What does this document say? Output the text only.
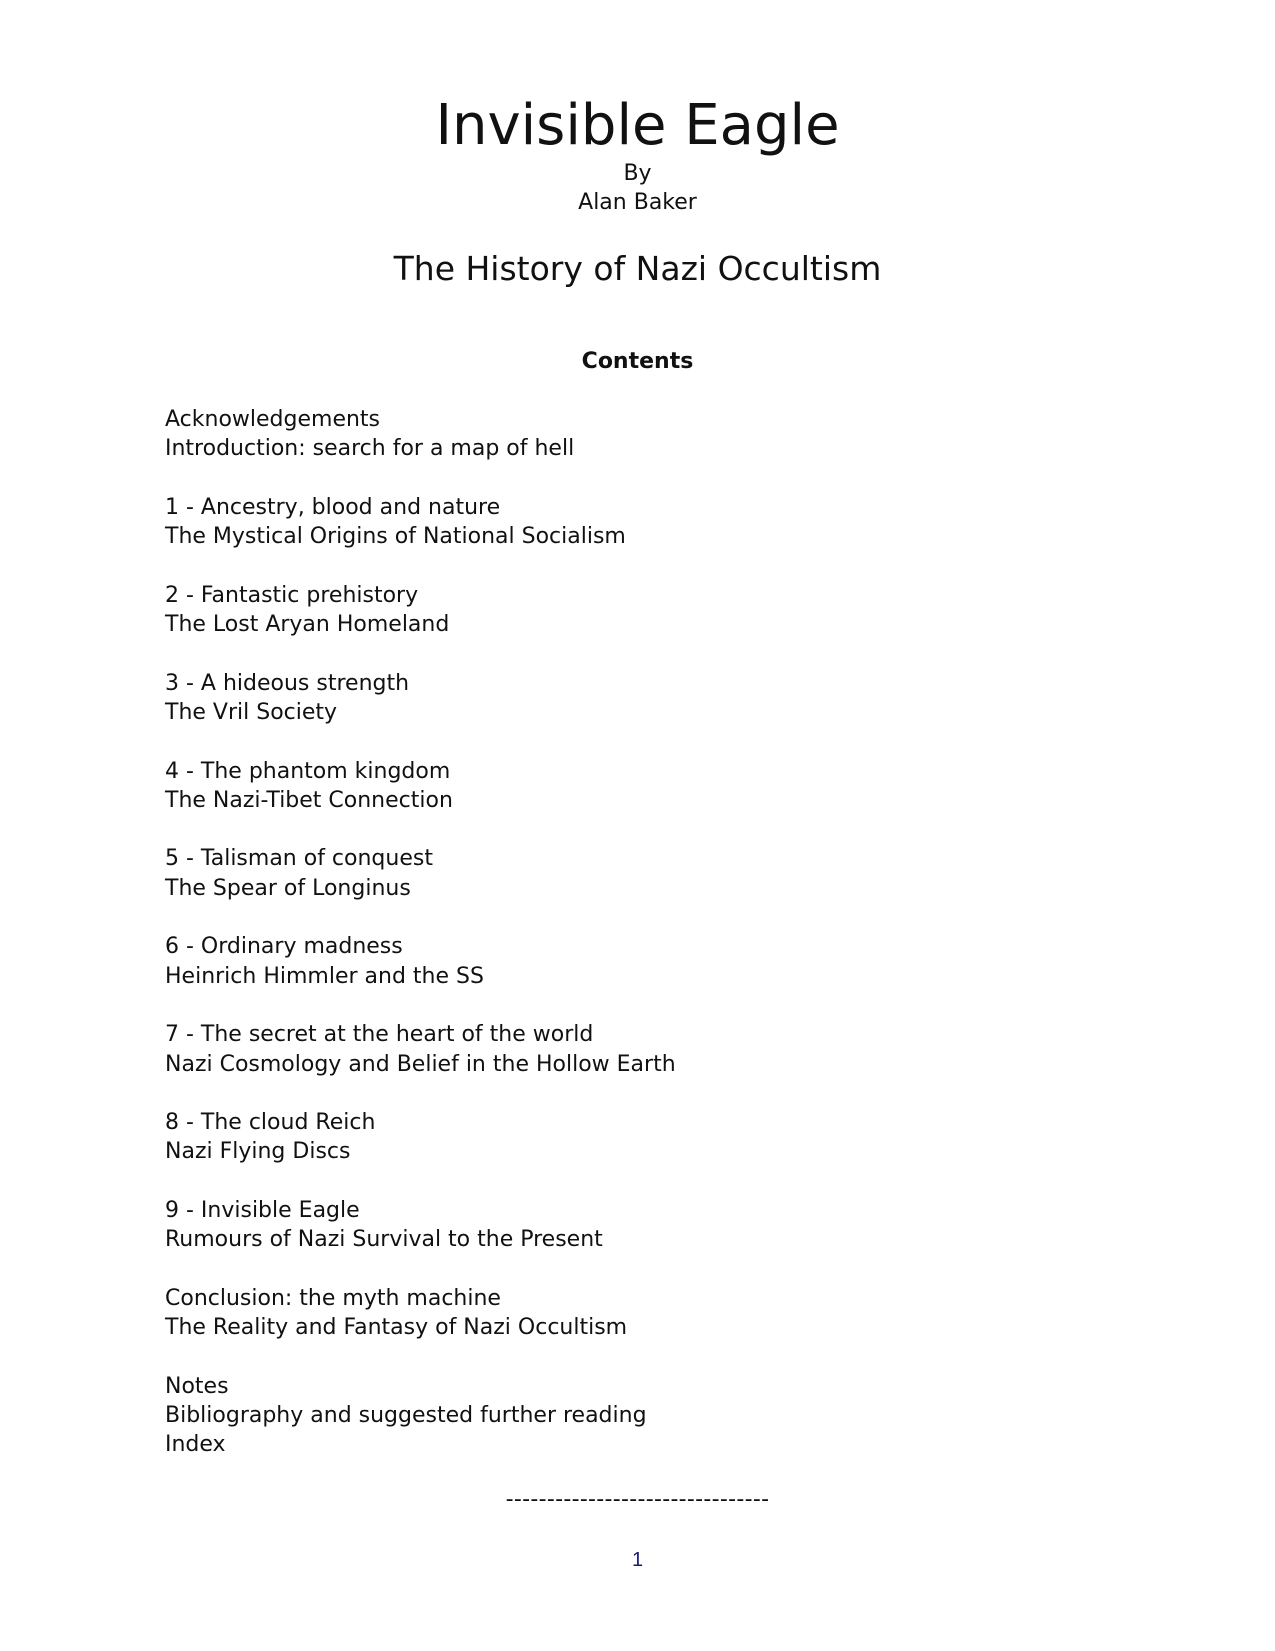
Invisible Eagle
By
Alan Baker
The History of Nazi Occultism
Contents
Acknowledgements
Introduction: search for a map of hell
1 - Ancestry, blood and nature
The Mystical Origins of National Socialism
2 - Fantastic prehistory
The Lost Aryan Homeland
3 - A hideous strength
The Vril Society
4 - The phantom kingdom
The Nazi-Tibet Connection
5 - Talisman of conquest
The Spear of Longinus
6 - Ordinary madness
Heinrich Himmler and the SS
7 - The secret at the heart of the world
Nazi Cosmology and Belief in the Hollow Earth
8 - The cloud Reich
Nazi Flying Discs
9 - Invisible Eagle
Rumours of Nazi Survival to the Present
Conclusion: the myth machine
The Reality and Fantasy of Nazi Occultism
Notes
Bibliography and suggested further reading
Index
--------------------------------
1
